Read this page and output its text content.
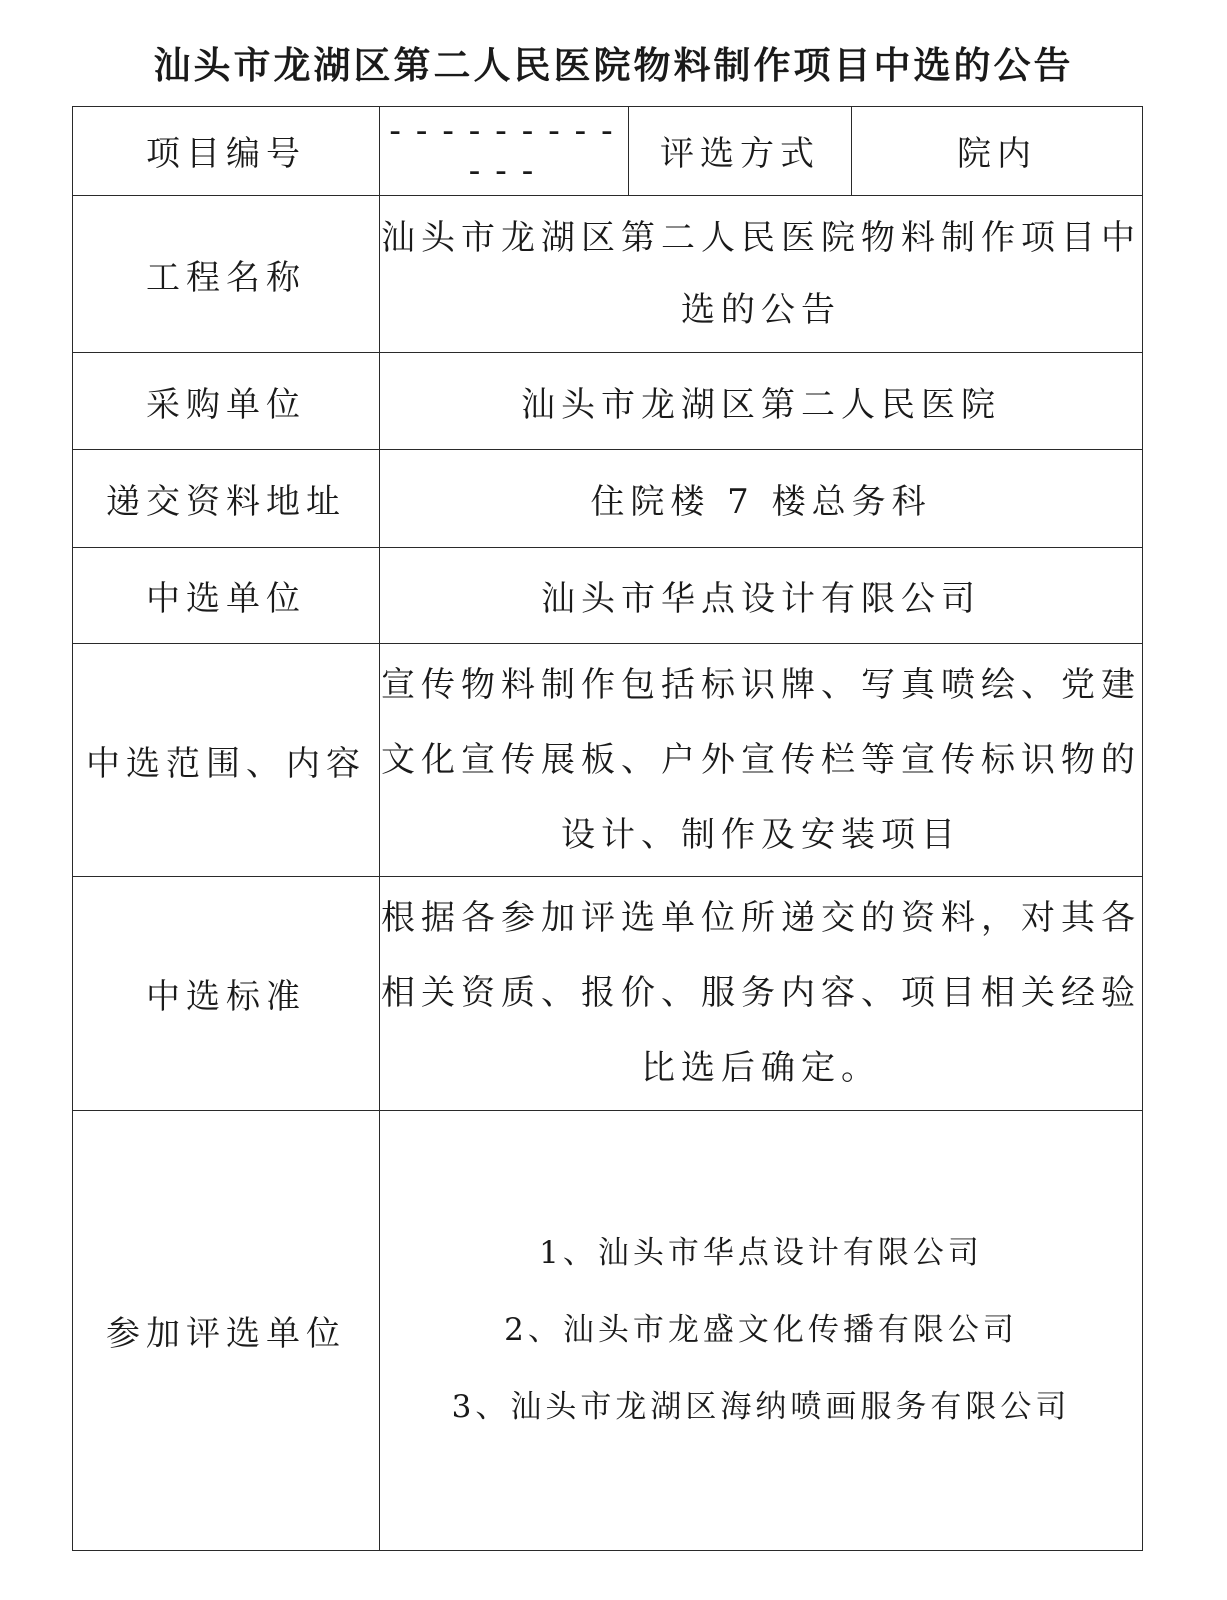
汕头市龙湖区第二人民医院物料制作项目中选的公告
项目编号	------------	评选方式	院内
工程名称	汕头市龙湖区第二人民医院物料制作项目中选的公告		
采购单位	汕头市龙湖区第二人民医院		
递交资料地址	住院楼 7 楼总务科		
中选单位	汕头市华点设计有限公司		
中选范围、内容	宣传物料制作包括标识牌、写真喷绘、党建文化宣传展板、户外宣传栏等宣传标识物的设计、制作及安装项目		
中选标准	根据各参加评选单位所递交的资料，对其各相关资质、报价、服务内容、项目相关经验比选后确定。		
参加评选单位	1、汕头市华点设计有限公司
2、汕头市龙盛文化传播有限公司
3、汕头市龙湖区海纳喷画服务有限公司		
